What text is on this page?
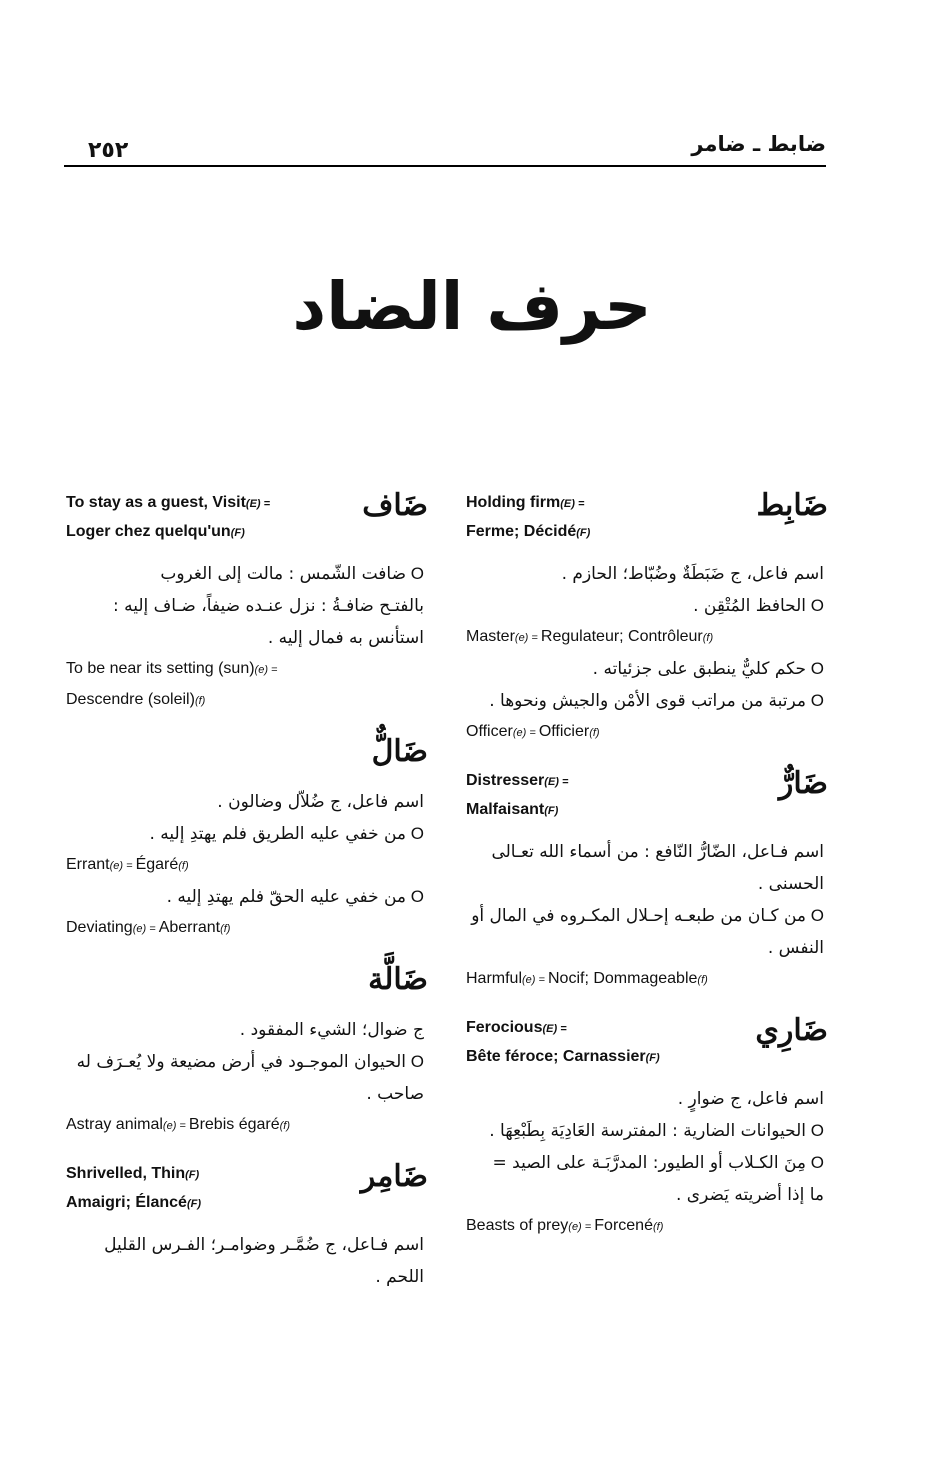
٢٥٢	ضابط ـ ضامر
حرف الضاد
ضَاف
To stay as a guest, Visit(E) =
Loger chez quelqu'un(F)
O ضافت الشّمس : مالت إلى الغروب
بالفتـح ضافـةُ : نزل عنـده ضيفاً، ضـاف إليه :
استأنس به فمال إليه .
To be near its setting (sun)(e) =
Descendre (soleil)(f)
ضَالٌّ
اسم فاعل، ج ضُلاّل وضالون .
O من خفي عليه الطريق فلم يهتدِ إليه .
Errant(e) = Égaré(f)
O من خفي عليه الحقّ فلم يهتدِ إليه .
Deviating(e) = Aberrant(f)
ضَالَّة
ج ضوال؛ الشيء المفقود .
O الحيوان الموجـود في أرض مضيعة ولا يُعـرَف له
صاحب .
Astray animal(e) = Brebis égaré(f)
ضَامِر
Shrivelled, Thin(F)
Amaigri; Élancé(F)
اسم فـاعل، ج ضُمَّـر وضوامـر؛ الفـرس القليل
اللحم .
ضَابِط
Holding firm(E) =
Ferme; Décidé(F)
اسم فاعل، ج ضَبَطَةٌ وضُبّاط؛ الحازم .
O الحافظ المُتْقِن .
Master(e) = Regulateur; Contrôleur(f)
O حكم كليٌّ ينطبق على جزئياته .
O مرتبة من مراتب قوى الأمْن والجيش ونحوها .
Officer(e) = Officier(f)
ضَارٌّ
Distresser(E) =
Malfaisant(F)
اسم فـاعل، الضّارُّ النّافع : من أسماء الله تعـالى
الحسنى .
O من كـان من طبعـه إحـلال المكـروه في المال أو
النفس .
Harmful(e) = Nocif; Dommageable(f)
ضَارِي
Ferocious(E) =
Bête féroce; Carnassier(F)
اسم فاعل، ج ضوارٍ .
O الحيوانات الضارية : المفترسة العَادِيَة بِطَبْعِهَا .
O مِنَ الكـلاب أو الطيور: المدرَّبَـة على الصيد =
ما إذا أضريته يَضرى .
Beasts of prey(e) = Forcené(f)
